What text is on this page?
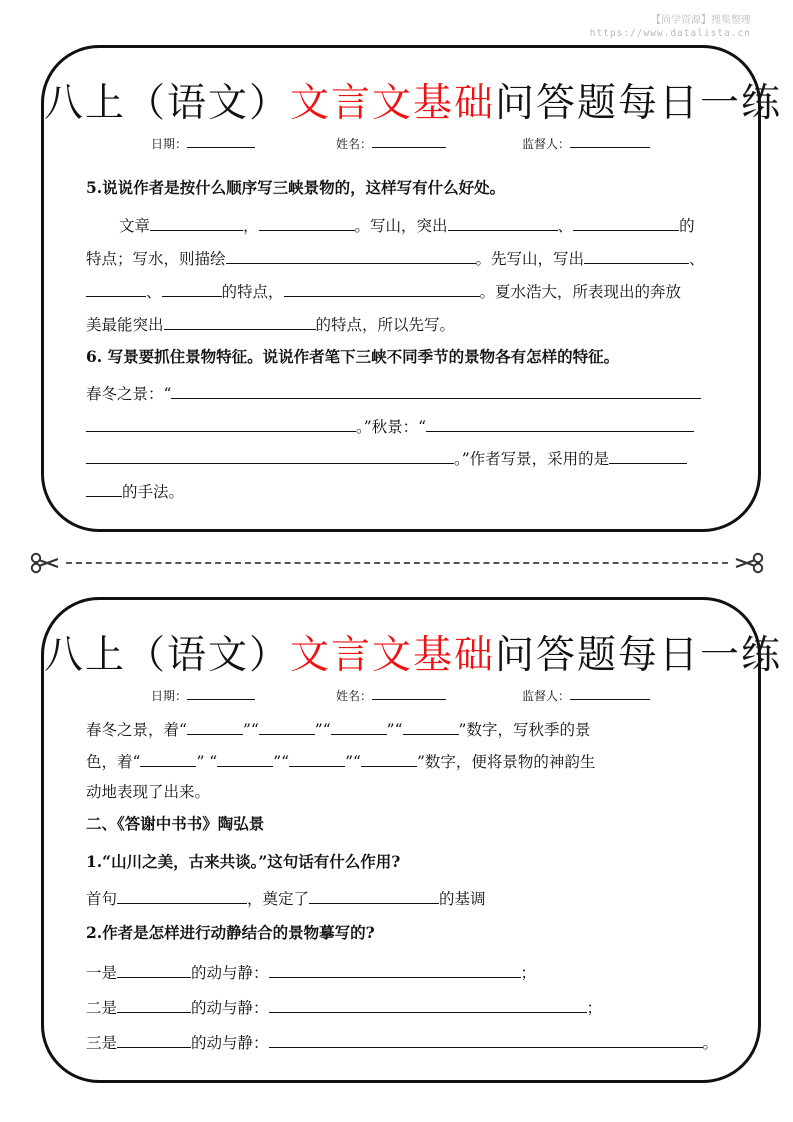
【尚学资源】搜集整理
https://www.datalista.cn
八上（语文）文言文基础问答题每日一练
日期：	姓名：	监督人：
5.说说作者是按什么顺序写三峡景物的，这样写有什么好处。
文章	，	。写山，突出	、	的
特点；写水，则描绘	。先写山，写出	、
、	的特点，	。夏水浩大，所表现出的奔放
美最能突出	的特点，所以先写。
6. 写景要抓住景物特征。说说作者笔下三峡不同季节的景物各有怎样的特征。
春冬之景：“
。”秋景：“
。”作者写景，采用的是
的手法。
八上（语文）文言文基础问答题每日一练
日期：	姓名：	监督人：
春冬之景，着“	”“	”“	”“	”数字，写秋季的景
色，着“	” “	”“	”“	”数字，便将景物的神韵生
动地表现了出来。
二、《答谢中书书》陶弘景
1.“山川之美，古来共谈。”这句话有什么作用?
首句	，奠定了	的基调
2.作者是怎样进行动静结合的景物摹写的?
一是	的动与静：	；
二是	的动与静：	；
三是	的动与静：	。
